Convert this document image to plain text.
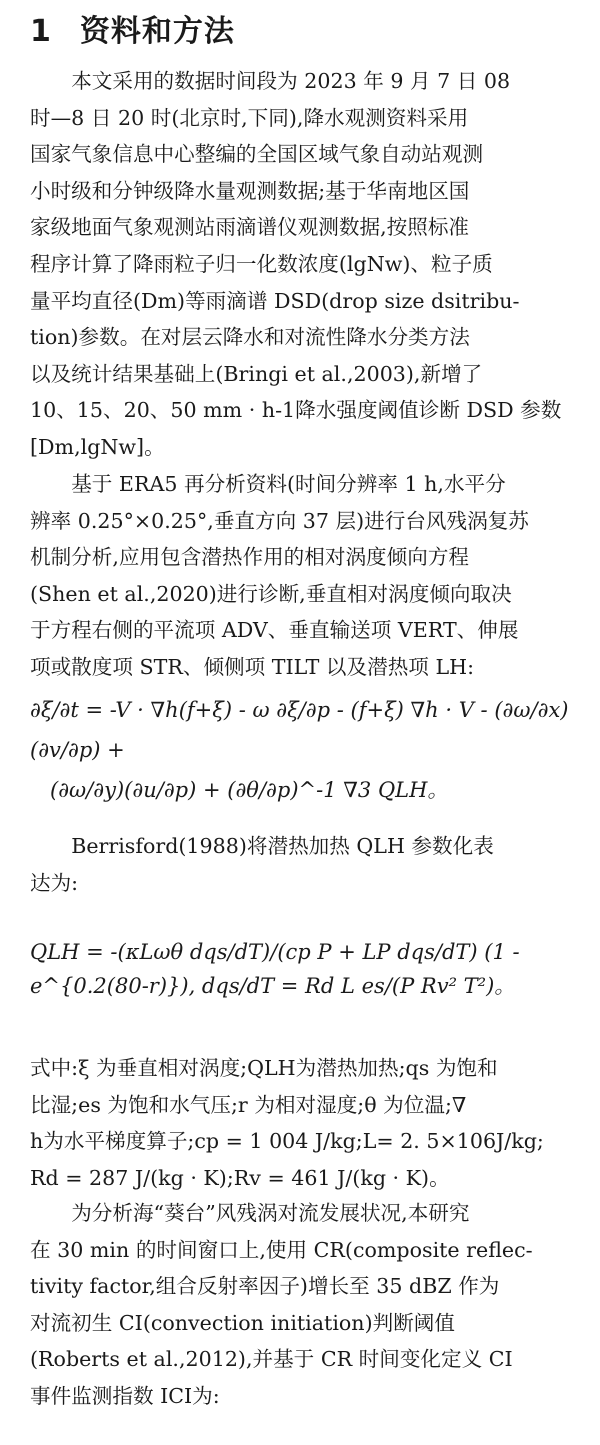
1 资料和方法
本文采用的数据时间段为 2023 年 9 月 7 日 08
时—8 日 20 时(北京时,下同),降水观测资料采用
国家气象信息中心整编的全国区域气象自动站观测
小时级和分钟级降水量观测数据;基于华南地区国
家级地面气象观测站雨滴谱仪观测数据,按照标准
程序计算了降雨粒子归一化数浓度(lgNw)、粒子质
量平均直径(Dm)等雨滴谱 DSD(drop size dsitribu-
tion)参数。在对层云降水和对流性降水分类方法
以及统计结果基础上(Bringi et al.,2003),新增了
10、15、20、50 mm · h-1降水强度阈值诊断 DSD 参数
[Dm,lgNw]。
基于 ERA5 再分析资料(时间分辨率 1 h,水平分
辨率 0.25°×0.25°,垂直方向 37 层)进行台风残涡复苏
机制分析,应用包含潜热作用的相对涡度倾向方程
(Shen et al.,2020)进行诊断,垂直相对涡度倾向取决
于方程右侧的平流项 ADV、垂直输送项 VERT、伸展
项或散度项 STR、倾侧项 TILT 以及潜热项 LH:
∂ξ/∂t = -V · ∇h(f+ξ) - ω ∂ξ/∂p - (f+ξ) ∇h · V - (∂ω/∂x)(∂v/∂p) +
(∂ω/∂y)(∂u/∂p) + (∂θ/∂p)^-1 ∇3 QLH。
Berrisford(1988)将潜热加热 QLH 参数化表
达为:
QLH = -(κLωθ dqs/dT)/(cp P + LP dqs/dT) (1 - e^{0.2(80-r)}), dqs/dT = Rd L es/(P Rv² T²)。
式中:ξ 为垂直相对涡度;QLH为潜热加热;qs 为饱和
比湿;es 为饱和水气压;r 为相对湿度;θ 为位温;∇
h为水平梯度算子;cp = 1 004 J/kg;L= 2. 5×106J/kg;
Rd = 287 J/(kg · K);Rv = 461 J/(kg · K)。
为分析海“葵台”风残涡对流发展状况,本研究
在 30 min 的时间窗口上,使用 CR(composite reflec-
tivity factor,组合反射率因子)增长至 35 dBZ 作为
对流初生 CI(convection initiation)判断阈值
(Roberts et al.,2012),并基于 CR 时间变化定义 CI
事件监测指数 ICI为:
